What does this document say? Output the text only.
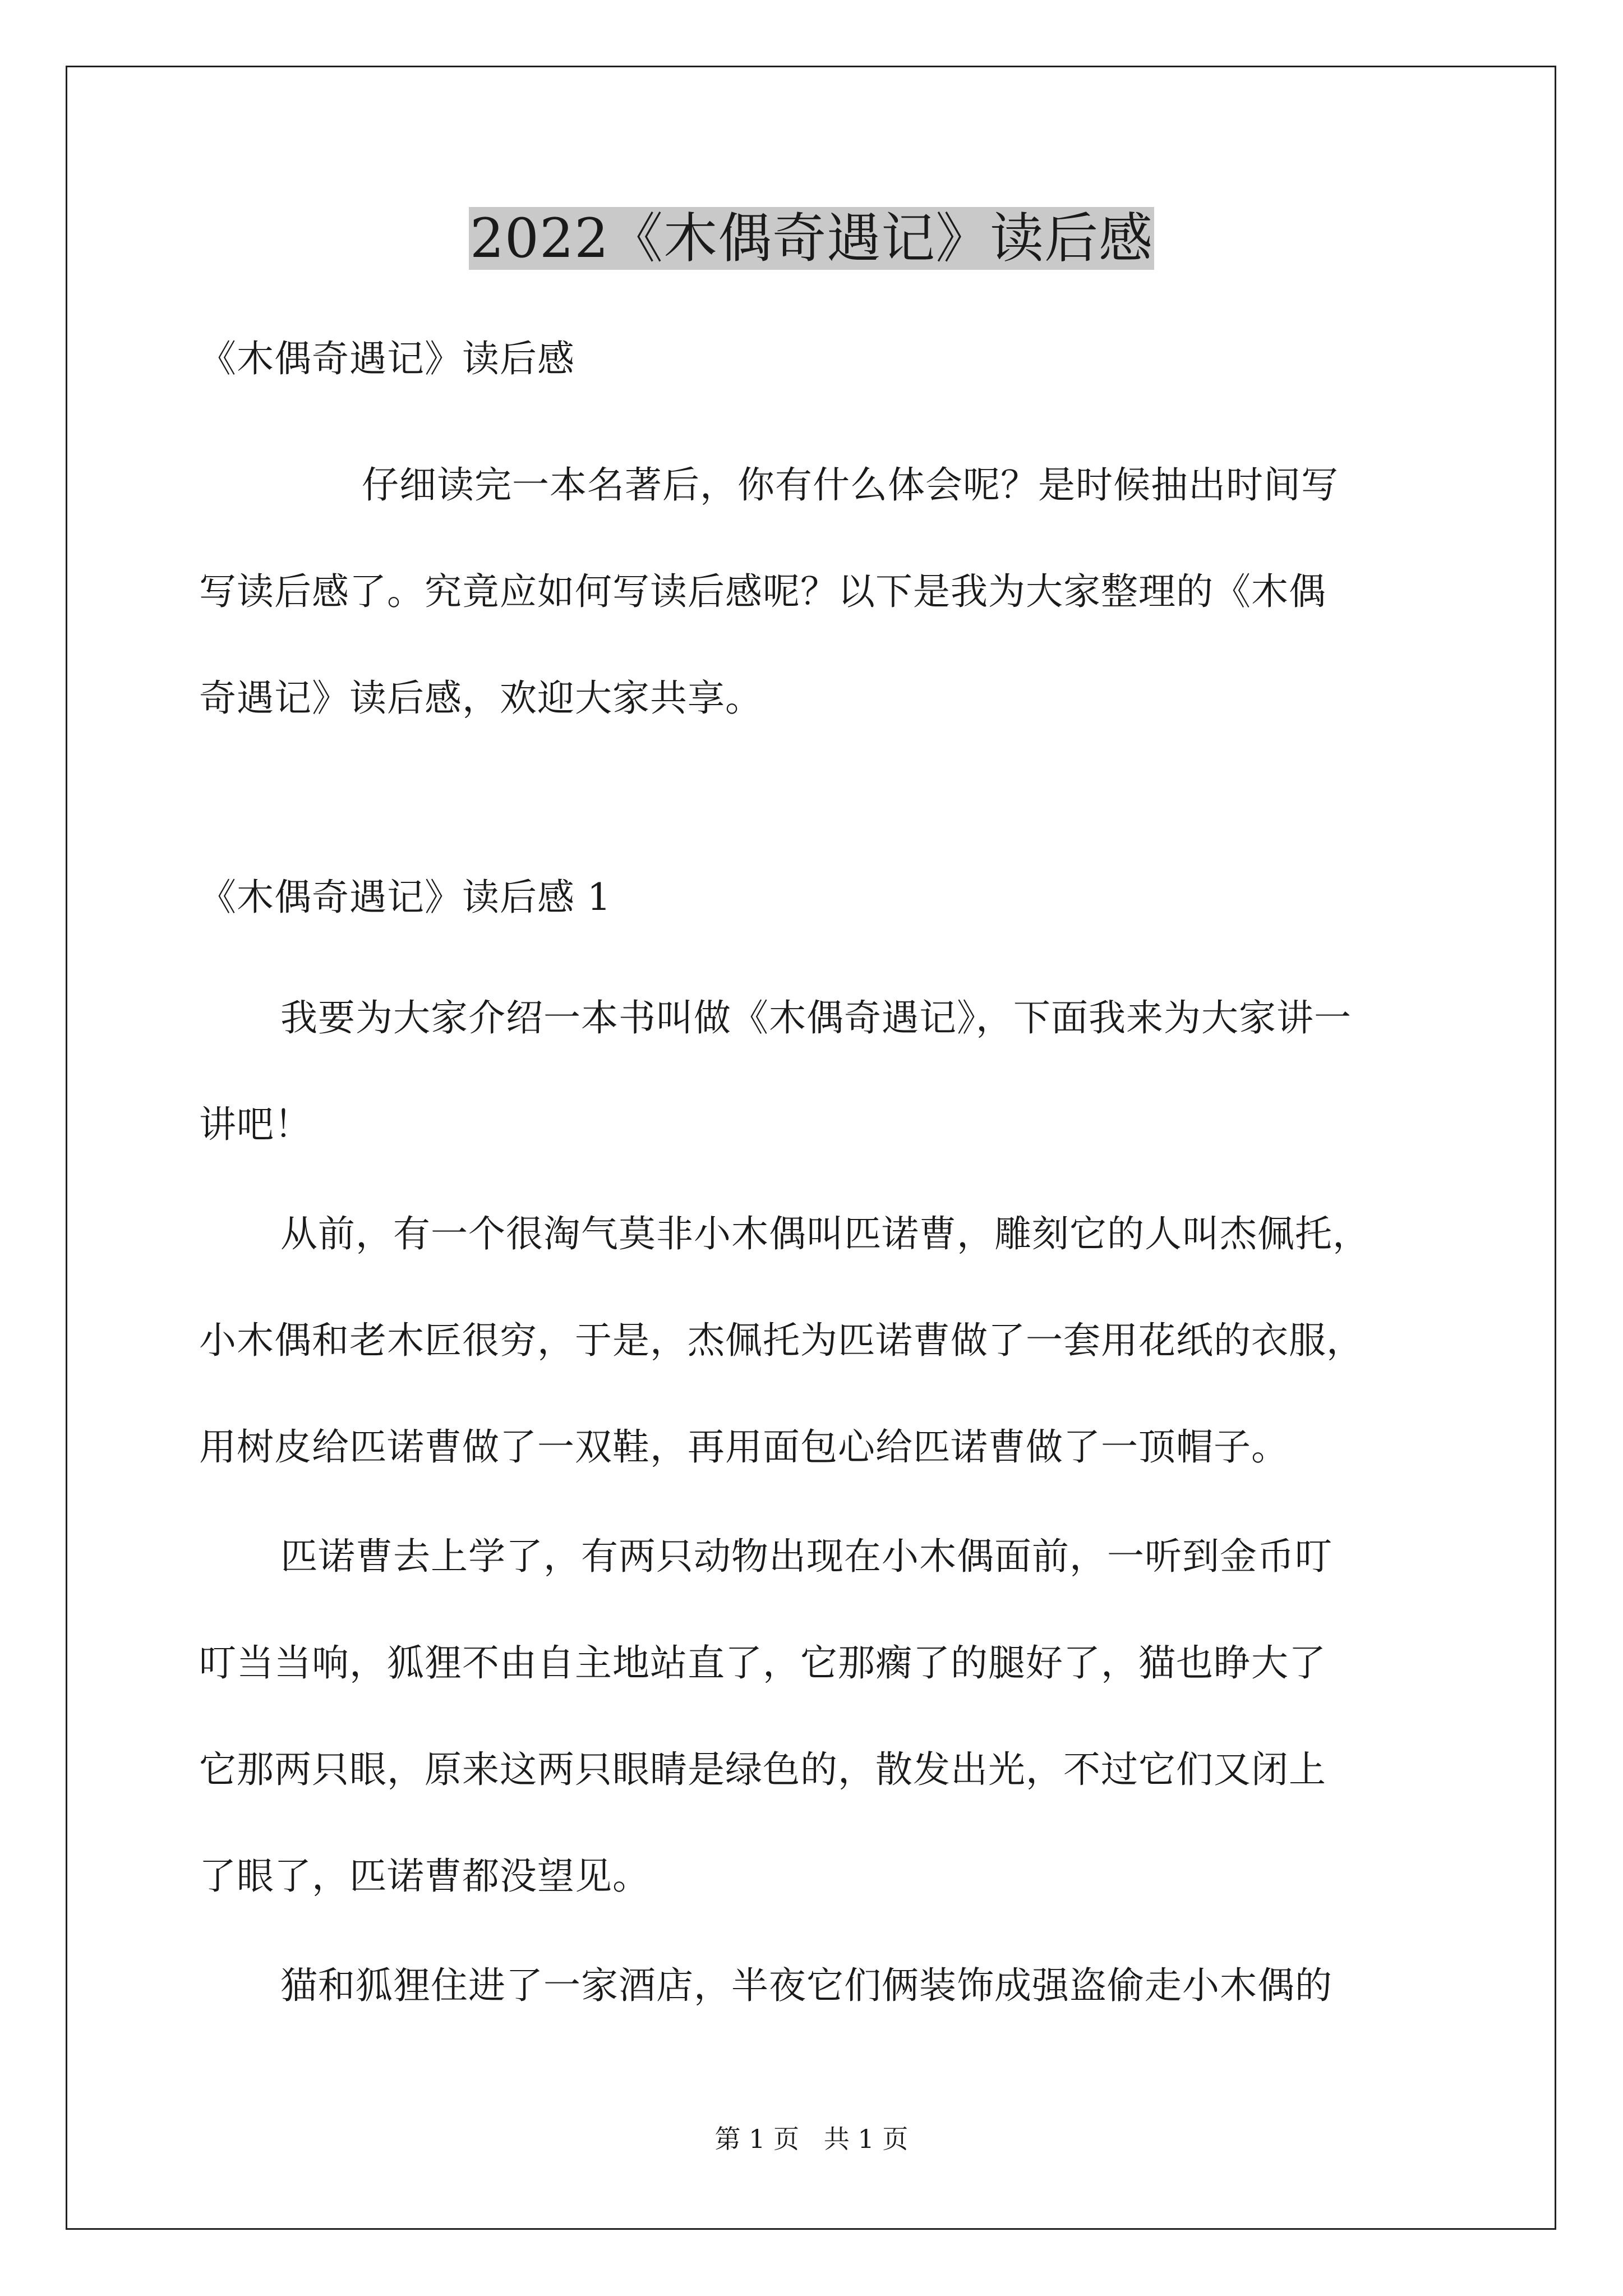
2022《木偶奇遇记》读后感
《木偶奇遇记》读后感
仔细读完一本名著后，你有什么体会呢？是时候抽出时间写
写读后感了。究竟应如何写读后感呢？以下是我为大家整理的《木偶
奇遇记》读后感，欢迎大家共享。
《木偶奇遇记》读后感 1
我要为大家介绍一本书叫做《木偶奇遇记》，下面我来为大家讲一
讲吧！
从前，有一个很淘气莫非小木偶叫匹诺曹，雕刻它的人叫杰佩托，
小木偶和老木匠很穷，于是，杰佩托为匹诺曹做了一套用花纸的衣服，
用树皮给匹诺曹做了一双鞋，再用面包心给匹诺曹做了一顶帽子。
匹诺曹去上学了，有两只动物出现在小木偶面前，一听到金币叮
叮当当响，狐狸不由自主地站直了，它那瘸了的腿好了，猫也睁大了
它那两只眼，原来这两只眼睛是绿色的，散发出光，不过它们又闭上
了眼了，匹诺曹都没望见。
猫和狐狸住进了一家酒店，半夜它们俩装饰成强盗偷走小木偶的
第 1 页   共 1 页
